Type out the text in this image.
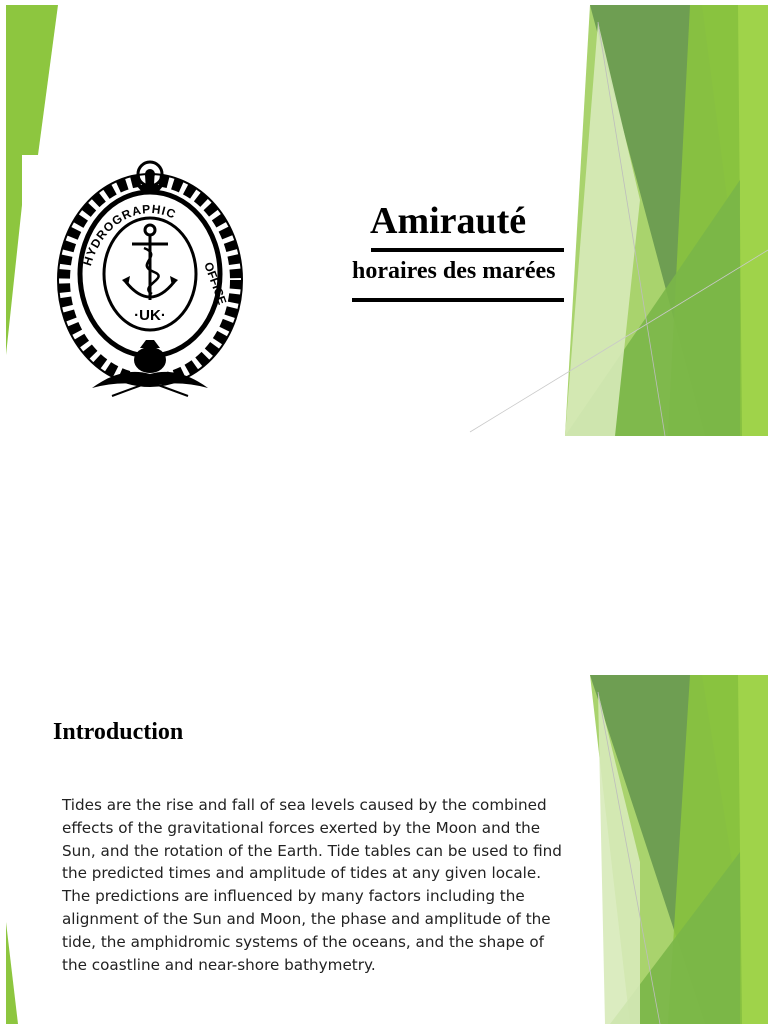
HYDROGRAPHIC
OFFICE
·UK·
Amirauté
horaires des marées
Introduction

Tides are the rise and fall of sea levels caused by the combined effects of the gravitational forces exerted by the Moon and the Sun, and the rotation of the Earth. Tide tables can be used to find the predicted times and amplitude of tides at any given locale. The predictions are influenced by many factors including the alignment of the Sun and Moon, the phase and amplitude of the tide, the amphidromic systems of the oceans, and the shape of the coastline and near-shore bathymetry.
